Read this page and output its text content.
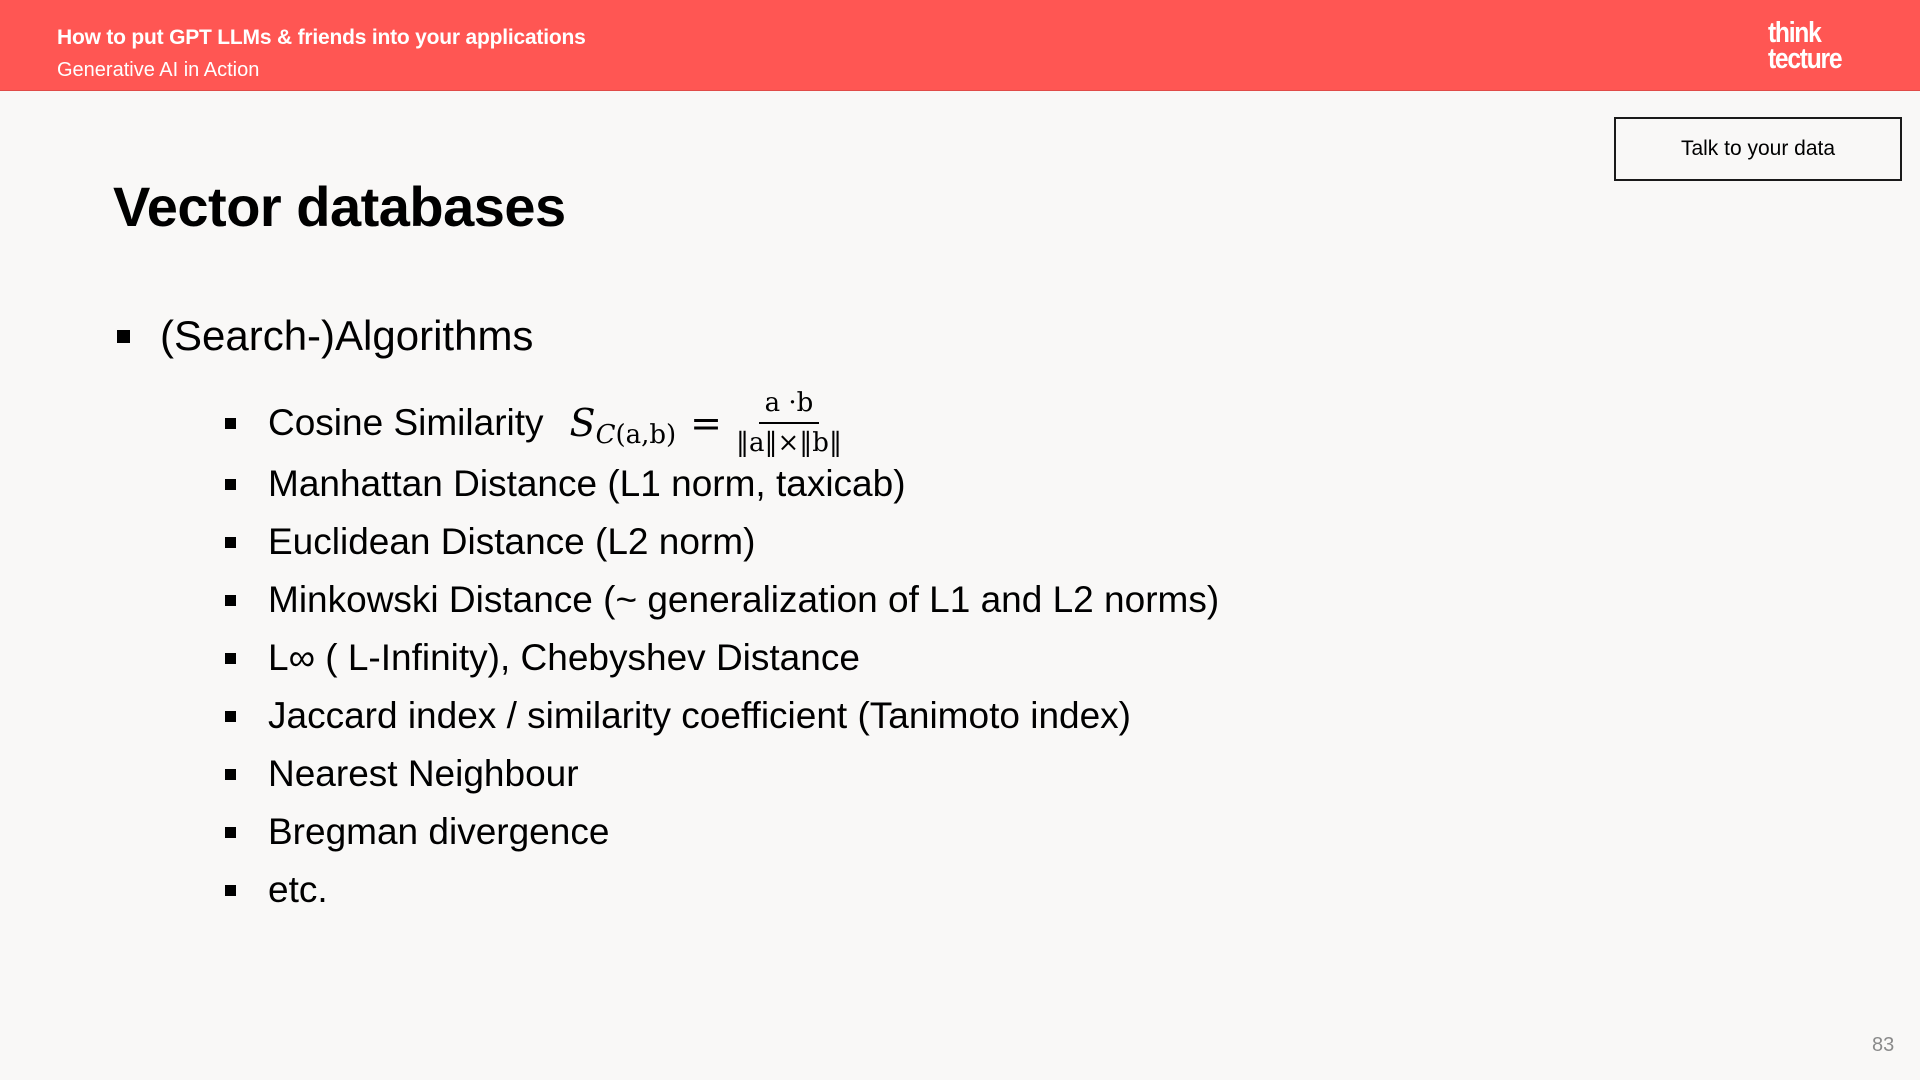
How to put GPT LLMs & friends into your applications
Generative AI in Action
think
tecture
Talk to your data
Vector databases
(Search-)Algorithms
Cosine Similarity S $C(a,b) = \frac{a \cdot b}{‖a‖\times‖b‖}$
Manhattan Distance (L1 norm, taxicab)
Euclidean Distance (L2 norm)
Minkowski Distance (~ generalization of L1 and L2 norms)
L∞ ( L-Infinity), Chebyshev Distance
Jaccard index / similarity coefficient (Tanimoto index)
Nearest Neighbour
Bregman divergence
etc.
83
